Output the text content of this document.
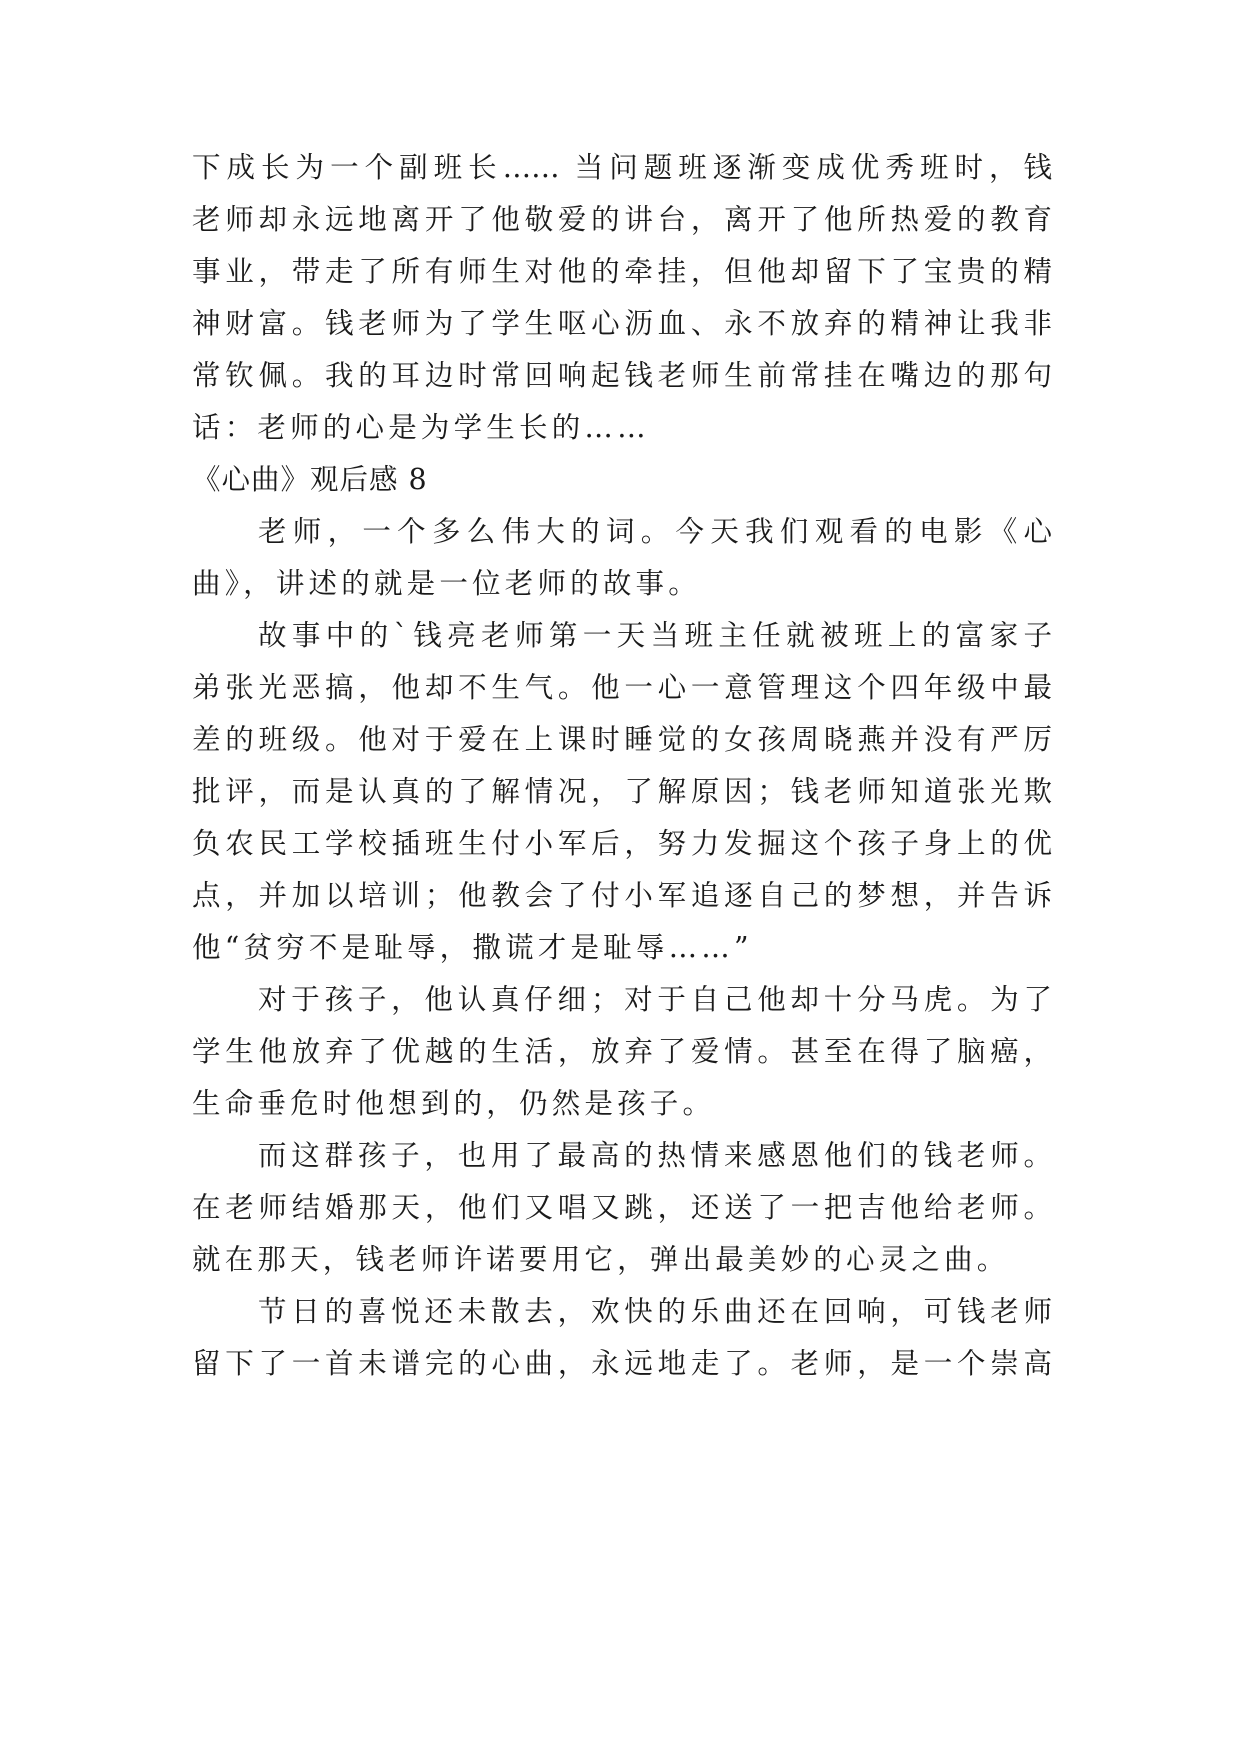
下成长为一个副班长…… 当问题班逐渐变成优秀班时，钱
老师却永远地离开了他敬爱的讲台，离开了他所热爱的教育
事业，带走了所有师生对他的牵挂，但他却留下了宝贵的精
神财富。钱老师为了学生呕心沥血、永不放弃的精神让我非
常钦佩。我的耳边时常回响起钱老师生前常挂在嘴边的那句
话：老师的心是为学生长的……
《心曲》观后感 8
老师，一个多么伟大的词。今天我们观看的电影《心
曲》，讲述的就是一位老师的故事。
故事中的`钱亮老师第一天当班主任就被班上的富家子
弟张光恶搞，他却不生气。他一心一意管理这个四年级中最
差的班级。他对于爱在上课时睡觉的女孩周晓燕并没有严厉
批评，而是认真的了解情况，了解原因；钱老师知道张光欺
负农民工学校插班生付小军后，努力发掘这个孩子身上的优
点，并加以培训；他教会了付小军追逐自己的梦想，并告诉
他“贫穷不是耻辱，撒谎才是耻辱……”
对于孩子，他认真仔细；对于自己他却十分马虎。为了
学生他放弃了优越的生活，放弃了爱情。甚至在得了脑癌，
生命垂危时他想到的，仍然是孩子。
而这群孩子，也用了最高的热情来感恩他们的钱老师。
在老师结婚那天，他们又唱又跳，还送了一把吉他给老师。
就在那天，钱老师许诺要用它，弹出最美妙的心灵之曲。
节日的喜悦还未散去，欢快的乐曲还在回响，可钱老师
留下了一首未谱完的心曲，永远地走了。老师，是一个崇高
